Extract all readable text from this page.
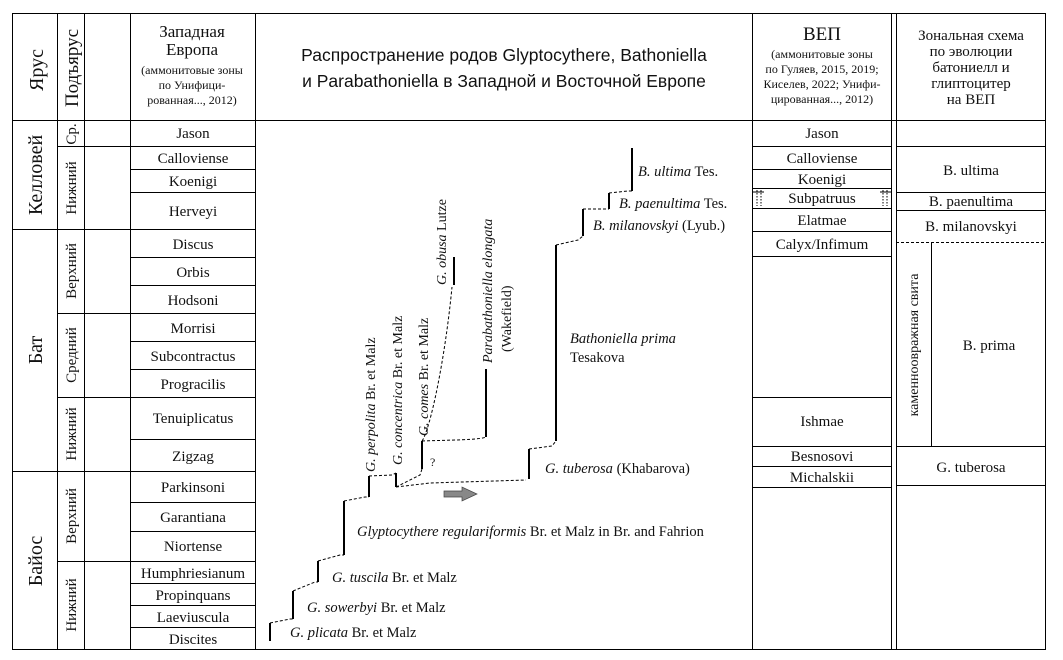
Ярус Подъярус	Западная
Европа
(аммонитовые зоны
по Унифици-
рованная..., 2012)
Распространение родов Glyptocythere, Bathoniella
и Parabathoniella в Западной и Восточной Европе
ВЕП
(аммонитовые зоны
по Гуляев, 2015, 2019;
Киселев, 2022; Унифи-
цированная..., 2012)
Зональная схема
по эволюции
батониелл и
глиптоцитер
на ВЕП
Келловей
Бат
Байос
Ср.
Нижний
Верхний
Средний
Нижний
Верхний
Нижний
Jason
Calloviense
Koenigi
Herveyi
Discus
Orbis
Hodsoni
Morrisi
Subcontractus
Progracilis
Tenuiplicatus
Zigzag
Parkinsoni
Garantiana
Niortense
Humphriesianum
Propinquans
Laeviuscula
Discites
Jason
Calloviense
Koenigi
Subpatruus
Elatmae
Calyx/Infimum
Ishmae
Besnosovi
Michalskii
B. ultima
B. paenultima
B. milanovskyi
B. prima
G. tuberosa
каменноовражная свита
G. plicata Br. et Malz
G. sowerbyi Br. et Malz
G. tuscila Br. et Malz
Glyptocythere regulariformis Br. et Malz in Br. and Fahrion
G. perpolita Br. et Malz
G. concentrica Br. et Malz
G. comes Br. et Malz
G. obusa Lutze
Parabathoniella elongata (Wakefield)
?	G. tuberosa (Khabarova)
Bathoniella prima
Tesakova
B. milanovskyi (Lyub.)
B. paenultima Tes.
B. ultima Tes.
